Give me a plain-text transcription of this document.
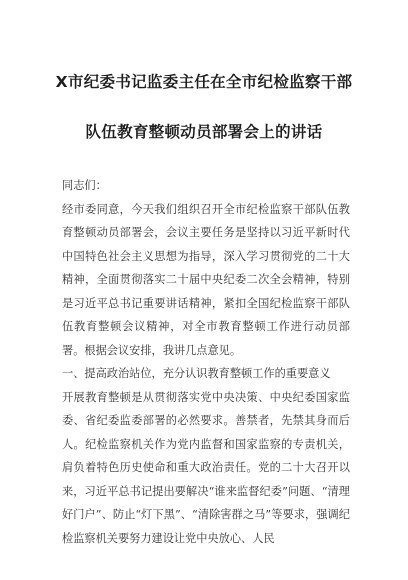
X市纪委书记监委主任在全市纪检监察干部
队伍教育整顿动员部署会上的讲话

同志们：

经市委同意，今天我们组织召开全市纪检监察干部队伍教育整顿动员部署会，会议主要任务是坚持以习近平新时代中国特色社会主义思想为指导，深入学习贯彻党的二十大精神，全面贯彻落实二十届中央纪委二次全会精神，特别是习近平总书记重要讲话精神，紧扣全国纪检监察干部队伍教育整顿会议精神，对全市教育整顿工作进行动员部署。根据会议安排，我讲几点意见。

一、提高政治站位，充分认识教育整顿工作的重要意义

开展教育整顿是从贯彻落实党中央决策、中央纪委国家监委、省纪委监委部署的必然要求。善禁者，先禁其身而后人。纪检监察机关作为党内监督和国家监察的专责机关，肩负着特色历史使命和重大政治责任。党的二十大召开以来，习近平总书记提出要解决“谁来监督纪委”问题、“清理好门户”、防止“灯下黑”、“清除害群之马”等要求，强调纪检监察机关要努力建设让党中央放心、人民
